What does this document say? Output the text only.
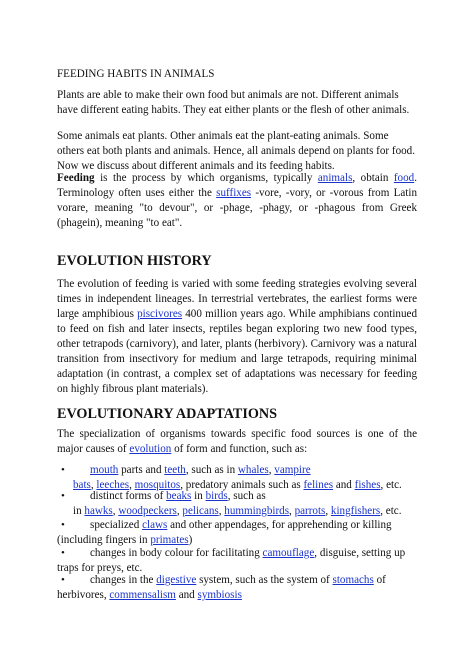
FEEDING HABITS IN ANIMALS
Plants are able to make their own food but animals are not. Different animals have different eating habits. They eat either plants or the flesh of other animals.
Some animals eat plants. Other animals eat the plant-eating animals. Some others eat both plants and animals. Hence, all animals depend on plants for food. Now we discuss about different animals and its feeding habits.
Feeding is the process by which organisms, typically animals, obtain food. Terminology often uses either the suffixes -vore, -vory, or -vorous from Latin vorare, meaning "to devour", or -phage, -phagy, or -phagous from Greek (phagein), meaning "to eat".
EVOLUTION HISTORY
The evolution of feeding is varied with some feeding strategies evolving several times in independent lineages. In terrestrial vertebrates, the earliest forms were large amphibious piscivores 400 million years ago. While amphibians continued to feed on fish and later insects, reptiles began exploring two new food types, other tetrapods (carnivory), and later, plants (herbivory). Carnivory was a natural transition from insectivory for medium and large tetrapods, requiring minimal adaptation (in contrast, a complex set of adaptations was necessary for feeding on highly fibrous plant materials).
EVOLUTIONARY ADAPTATIONS
The specialization of organisms towards specific food sources is one of the major causes of evolution of form and function, such as:
• mouth parts and teeth, such as in whales, vampire
bats, leeches, mosquitos, predatory animals such as felines and fishes, etc.
• distinct forms of beaks in birds, such as
in hawks, woodpeckers, pelicans, hummingbirds, parrots, kingfishers, etc.
• specialized claws and other appendages, for apprehending or killing
(including fingers in primates)
• changes in body colour for facilitating camouflage, disguise, setting up
traps for preys, etc.
• changes in the digestive system, such as the system of stomachs of
herbivores, commensalism and symbiosis
